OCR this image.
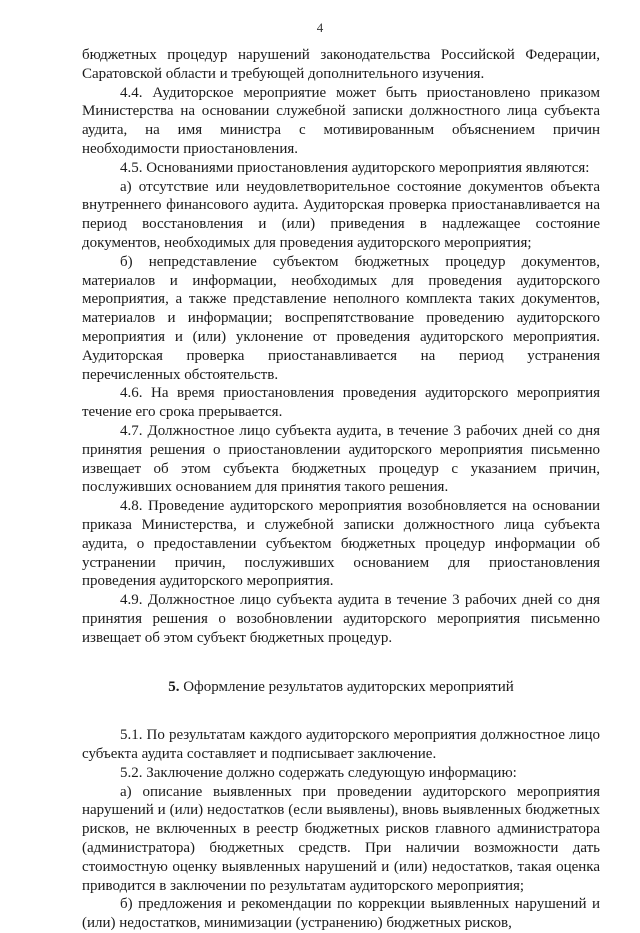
4

бюджетных процедур нарушений законодательства Российской Федерации, Саратовской области и требующей дополнительного изучения.

4.4. Аудиторское мероприятие может быть приостановлено приказом Министерства на основании служебной записки должностного лица субъекта аудита, на имя министра с мотивированным объяснением причин необходимости приостановления.

4.5. Основаниями приостановления аудиторского мероприятия являются:

а) отсутствие или неудовлетворительное состояние документов объекта внутреннего финансового аудита. Аудиторская проверка приостанавливается на период восстановления и (или) приведения в надлежащее состояние документов, необходимых для проведения аудиторского мероприятия;

б) непредставление субъектом бюджетных процедур документов, материалов и информации, необходимых для проведения аудиторского мероприятия, а также представление неполного комплекта таких документов, материалов и информации; воспрепятствование проведению аудиторского мероприятия и (или) уклонение от проведения аудиторского мероприятия. Аудиторская проверка приостанавливается на период устранения перечисленных обстоятельств.

4.6. На время приостановления проведения аудиторского мероприятия течение его срока прерывается.

4.7. Должностное лицо субъекта аудита, в течение 3 рабочих дней со дня принятия решения о приостановлении аудиторского мероприятия письменно извещает об этом субъекта бюджетных процедур с указанием причин, послуживших основанием для принятия такого решения.

4.8. Проведение аудиторского мероприятия возобновляется на основании приказа Министерства, и служебной записки должностного лица субъекта аудита, о предоставлении субъектом бюджетных процедур информации об устранении причин, послуживших основанием для приостановления проведения аудиторского мероприятия.

4.9. Должностное лицо субъекта аудита в течение 3 рабочих дней со дня принятия решения о возобновлении аудиторского мероприятия письменно извещает об этом субъект бюджетных процедур.

5. Оформление результатов аудиторских мероприятий

5.1. По результатам каждого аудиторского мероприятия должностное лицо субъекта аудита составляет и подписывает заключение.

5.2. Заключение должно содержать следующую информацию:

а) описание выявленных при проведении аудиторского мероприятия нарушений и (или) недостатков (если выявлены), вновь выявленных бюджетных рисков, не включенных в реестр бюджетных рисков главного администратора (администратора) бюджетных средств. При наличии возможности дать стоимостную оценку выявленных нарушений и (или) недостатков, такая оценка приводится в заключении по результатам аудиторского мероприятия;

б) предложения и рекомендации по коррекции выявленных нарушений и (или) недостатков, минимизации (устранению) бюджетных рисков,
